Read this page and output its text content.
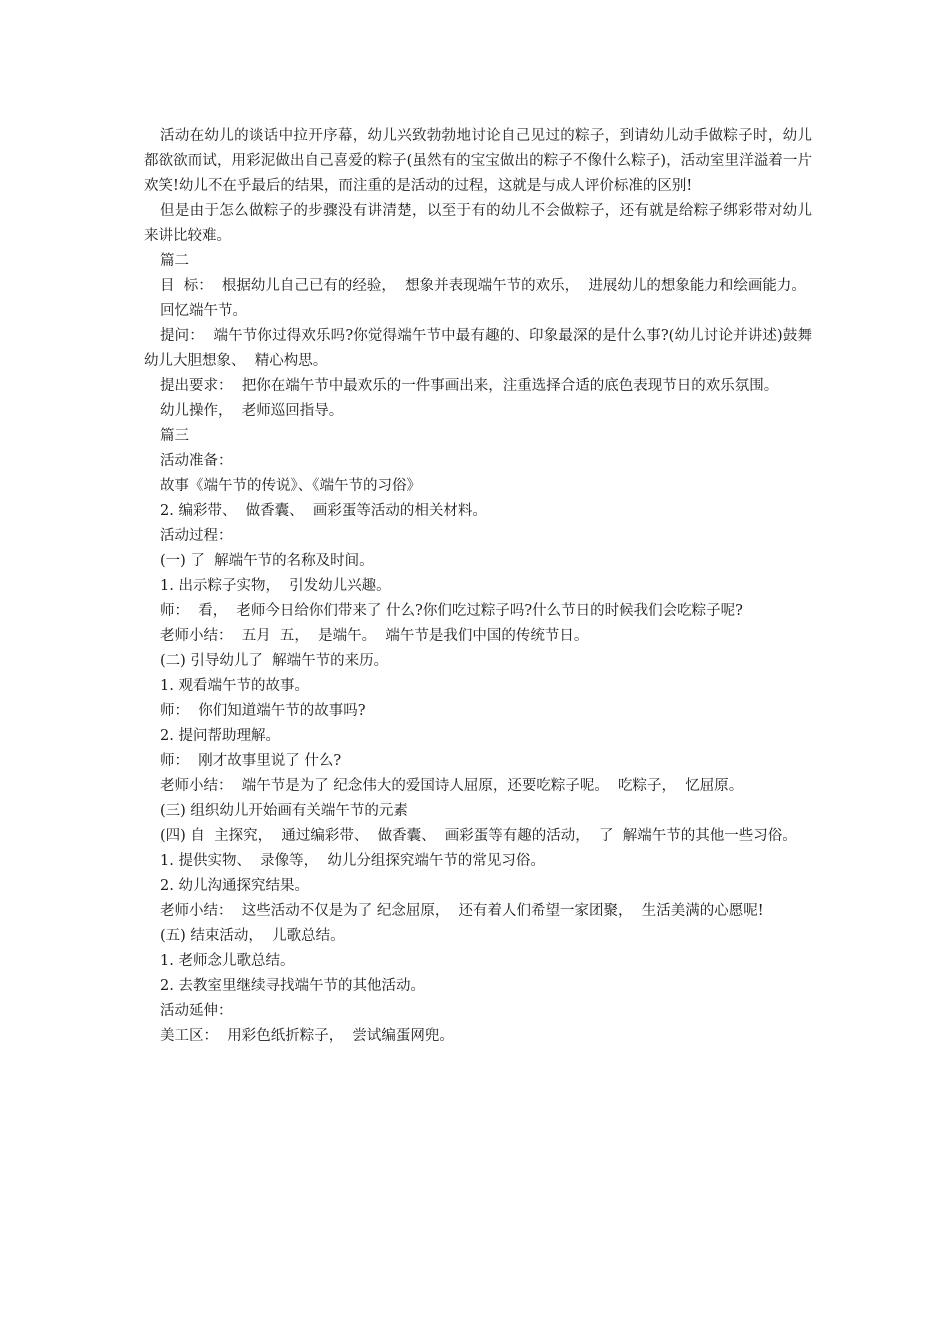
活动在幼儿的谈话中拉开序幕，幼儿兴致勃勃地讨论自己见过的粽子，到请幼儿动手做粽子时，幼儿都欲欲而试，用彩泥做出自己喜爱的粽子(虽然有的宝宝做出的粽子不像什么粽子)，活动室里洋溢着一片欢笑!幼儿不在乎最后的结果，而注重的是活动的过程，这就是与成人评价标准的区别!

但是由于怎么做粽子的步骤没有讲清楚，以至于有的幼儿不会做粽子，还有就是给粽子绑彩带对幼儿来讲比较难。

篇二

目  标：  根据幼儿自己已有的经验，  想象并表现端午节的欢乐，  进展幼儿的想象能力和绘画能力。

回忆端午节。

提问：  端午节你过得欢乐吗?你觉得端午节中最有趣的、印象最深的是什么事?(幼儿讨论并讲述)鼓舞幼儿大胆想象、  精心构思。

提出要求：  把你在端午节中最欢乐的一件事画出来，注重选择合适的底色表现节日的欢乐氛围。

幼儿操作，  老师巡回指导。

篇三

活动准备：

故事《端午节的传说》、《端午节的习俗》

2. 编彩带、  做香囊、  画彩蛋等活动的相关材料。

活动过程：

(一) 了  解端午节的名称及时间。

1. 出示粽子实物，  引发幼儿兴趣。

师：  看，  老师今日给你们带来了 什么?你们吃过粽子吗?什么节日的时候我们会吃粽子呢?

老师小结：  五月  五，  是端午。  端午节是我们中国的传统节日。

(二) 引导幼儿了  解端午节的来历。

1. 观看端午节的故事。

师：  你们知道端午节的故事吗?

2. 提问帮助理解。

师：  刚才故事里说了 什么?

老师小结：  端午节是为了 纪念伟大的爱国诗人屈原，还要吃粽子呢。  吃粽子，  忆屈原。

(三) 组织幼儿开始画有关端午节的元素

(四) 自  主探究，  通过编彩带、  做香囊、  画彩蛋等有趣的活动，  了  解端午节的其他一些习俗。

1. 提供实物、  录像等，  幼儿分组探究端午节的常见习俗。

2. 幼儿沟通探究结果。

老师小结：  这些活动不仅是为了 纪念屈原，  还有着人们希望一家团聚，  生活美满的心愿呢!

(五) 结束活动，  儿歌总结。

1. 老师念儿歌总结。

2. 去教室里继续寻找端午节的其他活动。

活动延伸：

美工区：  用彩色纸折粽子，  尝试编蛋网兜。
